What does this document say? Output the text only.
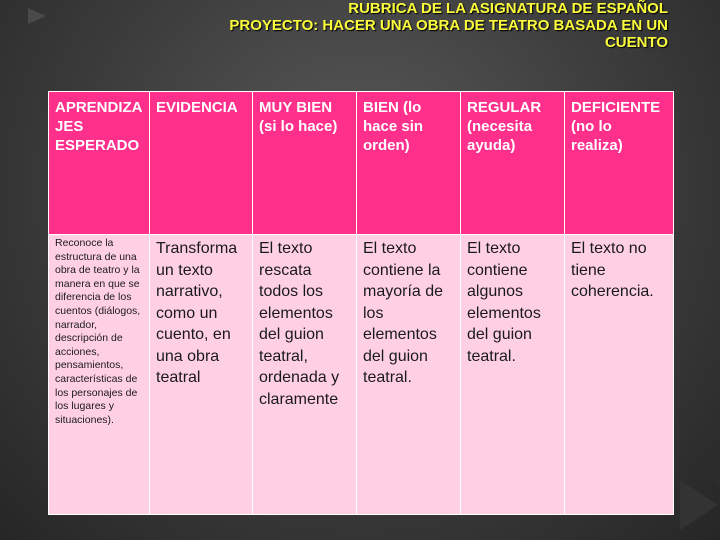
RUBRICA DE LA ASIGNATURA DE ESPAÑOL
PROYECTO: HACER UNA OBRA DE TEATRO BASADA EN UN
CUENTO
APRENDIZAJES ESPERADO	EVIDENCIA	MUY BIEN (si lo hace)	BIEN (lo hace sin orden)	REGULAR (necesita ayuda)	DEFICIENTE (no lo realiza)
Reconoce la estructura de una obra de teatro y la manera en que se diferencia de los cuentos (diálogos, narrador, descripción de acciones, pensamientos, características de los personajes de los lugares y situaciones).	Transforma un texto narrativo, como un cuento, en una obra teatral	El texto rescata todos los elementos del guion teatral, ordenada y claramente	El texto contiene la mayoría de los elementos del guion teatral.	El texto contiene algunos elementos del guion teatral.	El texto no tiene coherencia.
